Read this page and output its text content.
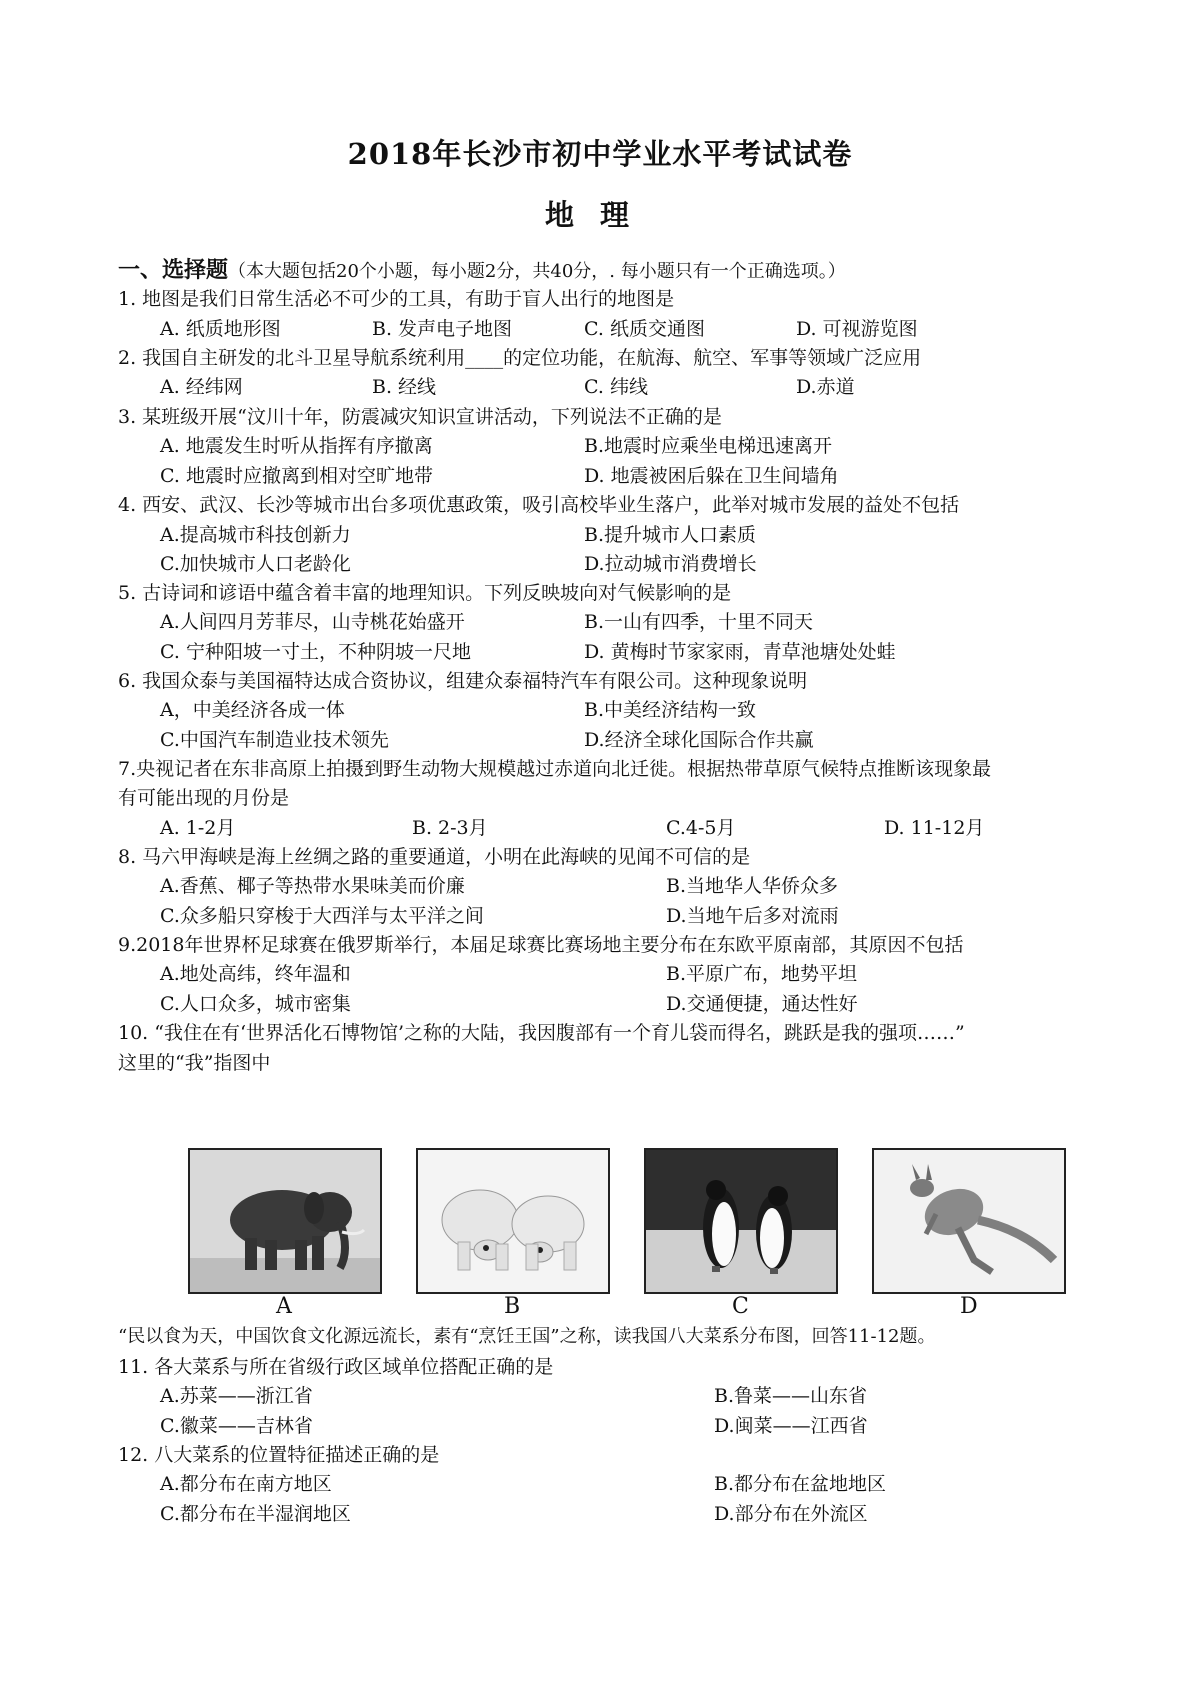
2018年长沙市初中学业水平考试试卷
地理
一、选择题（本大题包括20个小题，每小题2分，共40分，. 每小题只有一个正确选项。）
1. 地图是我们日常生活必不可少的工具，有助于盲人出行的地图是
A. 纸质地形图	B. 发声电子地图	C. 纸质交通图	D. 可视游览图
2. 我国自主研发的北斗卫星导航系统利用____的定位功能，在航海、航空、军事等领域广泛应用
A. 经纬网	B. 经线	C. 纬线	D.赤道
3. 某班级开展“汶川十年，防震减灾知识宣讲活动，下列说法不正确的是
A. 地震发生时听从指挥有序撤离	B.地震时应乘坐电梯迅速离开
C. 地震时应撤离到相对空旷地带	D. 地震被困后躲在卫生间墙角
4. 西安、武汉、长沙等城市出台多项优惠政策，吸引高校毕业生落户，此举对城市发展的益处不包括
A.提高城市科技创新力	B.提升城市人口素质
C.加快城市人口老龄化	D.拉动城市消费增长
5. 古诗词和谚语中蕴含着丰富的地理知识。下列反映坡向对气候影响的是
A.人间四月芳菲尽，山寺桃花始盛开	B.一山有四季，十里不同天
C. 宁种阳坡一寸土，不种阴坡一尺地	D. 黄梅时节家家雨，青草池塘处处蛙
6. 我国众泰与美国福特达成合资协议，组建众泰福特汽车有限公司。这种现象说明
A，中美经济各成一体	B.中美经济结构一致
C.中国汽车制造业技术领先	D.经济全球化国际合作共赢
7.央视记者在东非高原上拍摄到野生动物大规模越过赤道向北迁徙。根据热带草原气候特点推断该现象最
有可能出现的月份是
A. 1-2月	B. 2-3月	C.4-5月	D. 11-12月
8. 马六甲海峡是海上丝绸之路的重要通道，小明在此海峡的见闻不可信的是
A.香蕉、椰子等热带水果味美而价廉	B.当地华人华侨众多
C.众多船只穿梭于大西洋与太平洋之间	D.当地午后多对流雨
9.2018年世界杯足球赛在俄罗斯举行，本届足球赛比赛场地主要分布在东欧平原南部，其原因不包括
A.地处高纬，终年温和	B.平原广布，地势平坦
C.人口众多，城市密集	D.交通便捷，通达性好
10. “我住在有‘世界活化石博物馆’之称的大陆，我因腹部有一个育儿袋而得名，跳跃是我的强项……”
这里的“我”指图中
A	B	C	D
“民以食为天，中国饮食文化源远流长，素有“烹饪王国”之称，读我国八大菜系分布图，回答11-12题。
11. 各大菜系与所在省级行政区域单位搭配正确的是
A.苏菜——浙江省	B.鲁菜——山东省
C.徽菜——吉林省	D.闽菜——江西省
12. 八大菜系的位置特征描述正确的是
A.都分布在南方地区	B.都分布在盆地地区
C.都分布在半湿润地区	D.部分布在外流区
